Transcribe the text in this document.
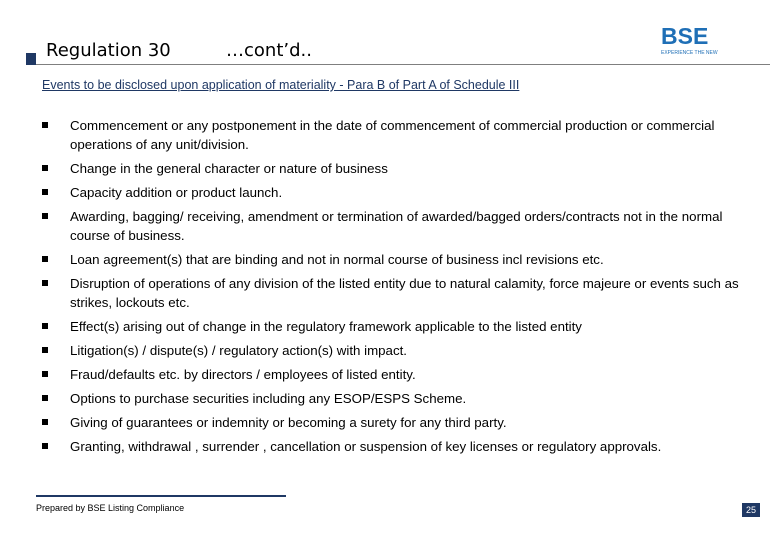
Regulation 30	…cont’d..
BSE
EXPERIENCE THE NEW
Events to be disclosed upon application of materiality - Para B of Part A of Schedule III
Commencement or any postponement in the date of commencement of commercial production or commercial operations of any unit/division.
Change in the general character or nature of business
Capacity addition or product launch.
Awarding, bagging/ receiving, amendment or termination of awarded/bagged orders/contracts not in the normal course of business.
Loan agreement(s) that are binding and not in normal course of business incl revisions etc.
Disruption of operations of any division of the listed entity due to natural calamity, force majeure or events such as strikes, lockouts etc.
Effect(s) arising out of change in the regulatory framework applicable to the listed entity
Litigation(s) / dispute(s) / regulatory action(s) with impact.
Fraud/defaults etc. by directors / employees of listed entity.
Options to purchase securities including any ESOP/ESPS Scheme.
Giving of guarantees or indemnity or becoming a surety for any third party.
Granting, withdrawal , surrender , cancellation or suspension of key licenses or regulatory approvals.
Prepared by BSE Listing Compliance	25
